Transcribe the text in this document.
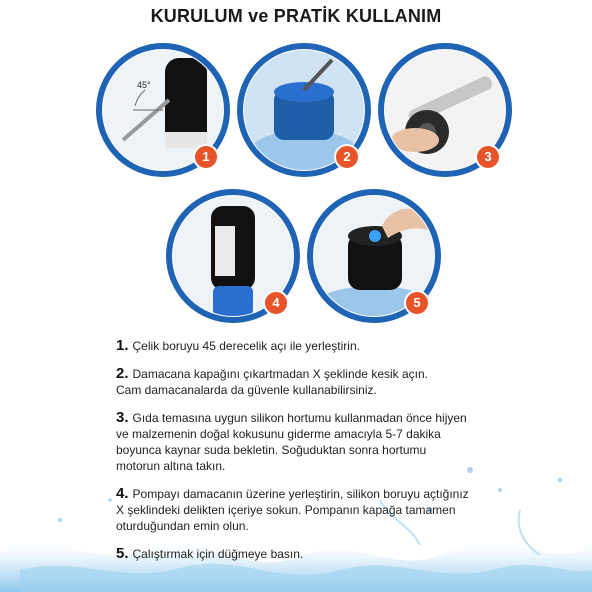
KURULUM ve PRATİK KULLANIM
45°
1	2	3
4	5
1. Çelik boruyu 45 derecelik açı ile yerleştirin.
2. Damacana kapağını çıkartmadan X şeklinde kesik açın.
Cam damacanalarda da güvenle kullanabilirsiniz.
3. Gıda temasına uygun silikon hortumu kullanmadan önce hijyen
ve malzemenin doğal kokusunu giderme amacıyla 5-7 dakika
boyunca kaynar suda bekletin. Soğuduktan sonra hortumu
motorun altına takın.
4. Pompayı damacanın üzerine yerleştirin, silikon boruyu açtığınız
X şeklindeki delikten içeriye sokun. Pompanın kapağa tamamen
oturduğundan emin olun.
5. Çalıştırmak için düğmeye basın.
